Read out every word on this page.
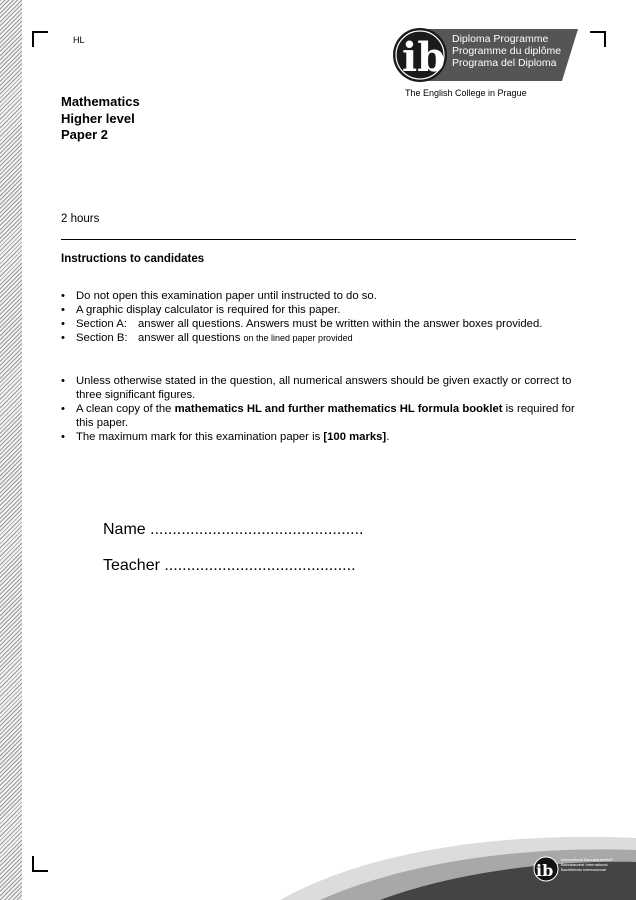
HL	ib Diploma Programme
Programme du diplôme
Programa del Diploma
The English College in Prague
Mathematics
Higher level
Paper 2
2 hours
Instructions to candidates
• Do not open this examination paper until instructed to do so.
• A graphic display calculator is required for this paper.
• Section A: answer all questions. Answers must be written within the answer boxes provided.
• Section B: answer all questions on the lined paper provided
• Unless otherwise stated in the question, all numerical answers should be given exactly or correct to three significant figures.
• A clean copy of the mathematics HL and further mathematics HL formula booklet is required for this paper.
• The maximum mark for this examination paper is [100 marks].
Name ................................................
Teacher ...........................................
ib
International Baccalaureate®
Baccalauréat International
Bachillerato Internacional
